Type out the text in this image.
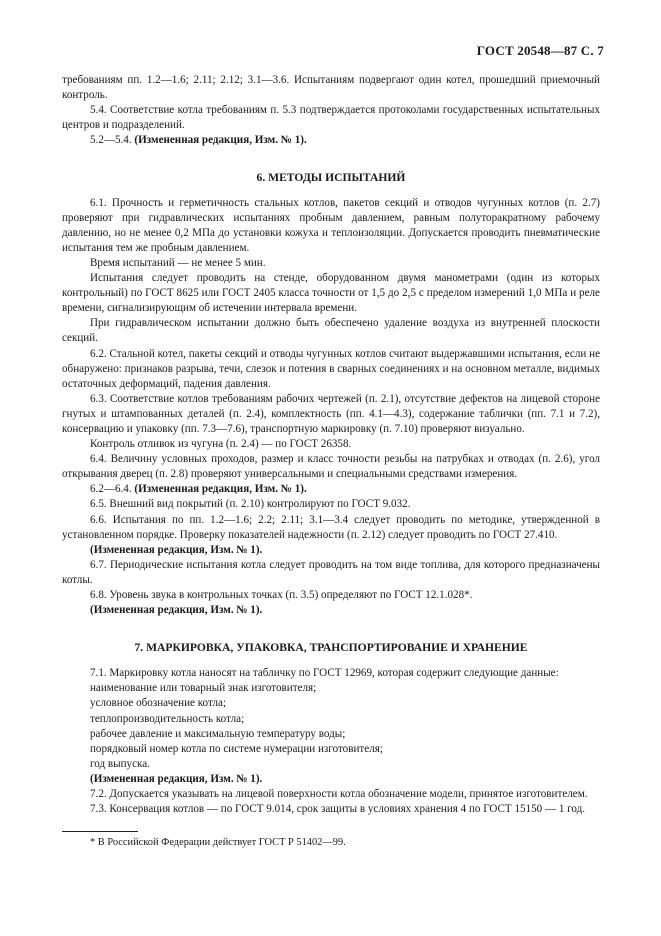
ГОСТ 20548—87 С. 7

требованиям пп. 1.2—1.6; 2.11; 2.12; 3.1—3.6. Испытаниям подвергают один котел, прошедший приемочный контроль.

5.4. Соответствие котла требованиям п. 5.3 подтверждается протоколами государственных испытательных центров и подразделений.

5.2—5.4. (Измененная редакция, Изм. № 1).

6. МЕТОДЫ ИСПЫТАНИЙ

6.1. Прочность и герметичность стальных котлов, пакетов секций и отводов чугунных котлов (п. 2.7) проверяют при гидравлических испытаниях пробным давлением, равным полуторакратному рабочему давлению, но не менее 0,2 МПа до установки кожуха и теплоизоляции. Допускается проводить пневматические испытания тем же пробным давлением.

Время испытаний — не менее 5 мин.

Испытания следует проводить на стенде, оборудованном двумя манометрами (один из которых контрольный) по ГОСТ 8625 или ГОСТ 2405 класса точности от 1,5 до 2,5 с пределом измерений 1,0 МПа и реле времени, сигнализирующим об истечении интервала времени.

При гидравлическом испытании должно быть обеспечено удаление воздуха из внутренней плоскости секций.

6.2. Стальной котел, пакеты секций и отводы чугунных котлов считают выдержавшими испытания, если не обнаружено: признаков разрыва, течи, слезок и потения в сварных соединениях и на основном металле, видимых остаточных деформаций, падения давления.

6.3. Соответствие котлов требованиям рабочих чертежей (п. 2.1), отсутствие дефектов на лицевой стороне гнутых и штампованных деталей (п. 2.4), комплектность (пп. 4.1—4.3), содержание таблички (пп. 7.1 и 7.2), консервацию и упаковку (пп. 7.3—7.6), транспортную маркировку (п. 7.10) проверяют визуально.

Контроль отливок из чугуна (п. 2.4) — по ГОСТ 26358.

6.4. Величину условных проходов, размер и класс точности резьбы на патрубках и отводах (п. 2.6), угол открывания дверец (п. 2.8) проверяют универсальными и специальными средствами измерения.

6.2—6.4. (Измененная редакция, Изм. № 1).

6.5. Внешний вид покрытий (п. 2.10) контролируют по ГОСТ 9.032.

6.6. Испытания по пп. 1.2—1.6; 2.2; 2.11; 3.1—3.4 следует проводить по методике, утвержденной в установленном порядке. Проверку показателей надежности (п. 2.12) следует проводить по ГОСТ 27.410.

(Измененная редакция, Изм. № 1).

6.7. Периодические испытания котла следует проводить на том виде топлива, для которого предназначены котлы.

6.8. Уровень звука в контрольных точках (п. 3.5) определяют по ГОСТ 12.1.028*.

(Измененная редакция, Изм. № 1).

7. МАРКИРОВКА, УПАКОВКА, ТРАНСПОРТИРОВАНИЕ И ХРАНЕНИЕ

7.1. Маркировку котла наносят на табличку по ГОСТ 12969, которая содержит следующие данные:

наименование или товарный знак изготовителя;

условное обозначение котла;

теплопроизводительность котла;

рабочее давление и максимальную температуру воды;

порядковый номер котла по системе нумерации изготовителя;

год выпуска.

(Измененная редакция, Изм. № 1).

7.2. Допускается указывать на лицевой поверхности котла обозначение модели, принятое изготовителем.

7.3. Консервация котлов — по ГОСТ 9.014, срок защиты в условиях хранения 4 по ГОСТ 15150 — 1 год.

* В Российской Федерации действует ГОСТ Р 51402—99.
